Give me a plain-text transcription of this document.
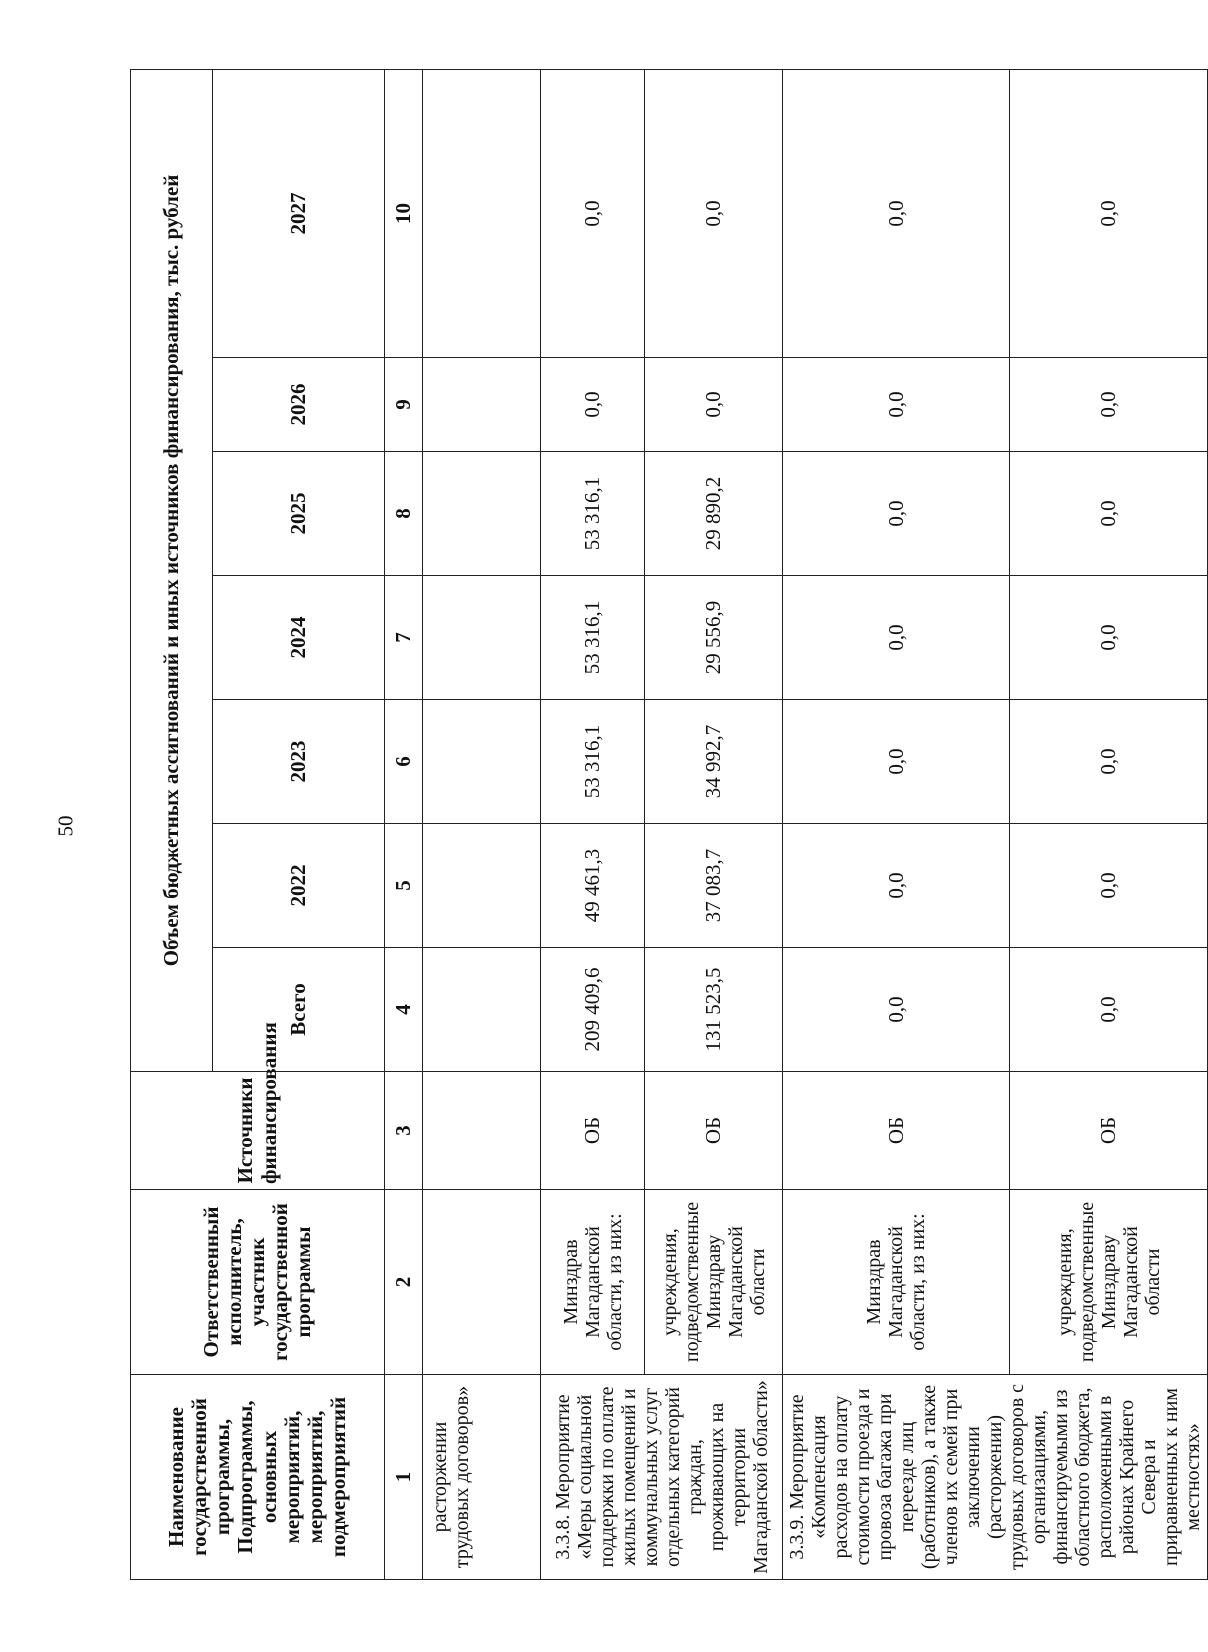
50
Наименование государственной программы, Подпрограммы, основных мероприятий, мероприятий, подмероприятий	Ответственный исполнитель, участник государственной программы	Источники финансирования	Объем бюджетных ассигнований и иных источников финансирования, тыс. рублей						
			Всего	2022	2023	2024	2025	2026	2027
1	2	3	4	5	6	7	8	9	10
расторжении трудовых договоров»									
3.3.8. Мероприятие «Меры социальной поддержки по оплате жилых помещений и коммунальных услуг отдельных категорий граждан, проживающих на территории Магаданской области»	Минздрав Магаданской области, из них:	ОБ	209 409,6	49 461,3	53 316,1	53 316,1	53 316,1	0,0	0,0
	учреждения, подведомственные Минздраву Магаданской области	ОБ	131 523,5	37 083,7	34 992,7	29 556,9	29 890,2	0,0	0,0
3.3.9. Мероприятие «Компенсация расходов на оплату стоимости проезда и провоза багажа при переезде лиц (работников), а также членов их семей при заключении (расторжении) трудовых договоров с организациями, финансируемыми из областного бюджета, расположенными в районах Крайнего Севера и приравненных к ним местностях»	Минздрав Магаданской области, из них:	ОБ	0,0	0,0	0,0	0,0	0,0	0,0	0,0
	учреждения, подведомственные Минздраву Магаданской области	ОБ	0,0	0,0	0,0	0,0	0,0	0,0	0,0
